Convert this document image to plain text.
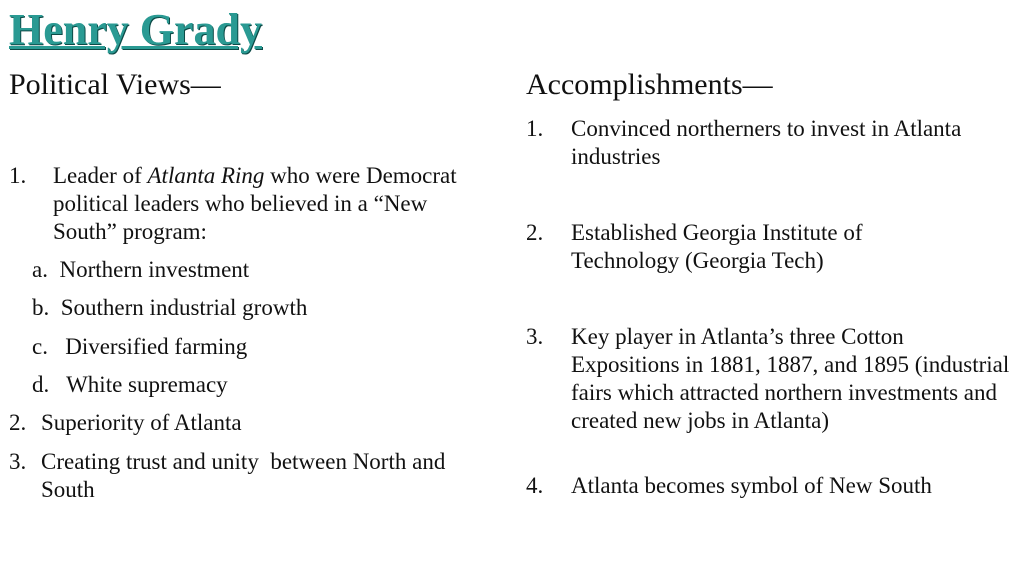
Henry Grady
Political Views—
1.	Leader of Atlanta Ring who were Democrat political leaders who believed in a “New South” program:
a. Northern investment
b. Southern industrial growth
c. Diversified farming
d. White supremacy
2. Superiority of Atlanta
3. Creating trust and unity  between North and South
Accomplishments—
1.	Convinced northerners to invest in Atlanta industries
2.	Established Georgia Institute of Technology (Georgia Tech)
3.	Key player in Atlanta’s three Cotton Expositions in 1881, 1887, and 1895 (industrial fairs which attracted northern investments and created new jobs in Atlanta)
4.	Atlanta becomes symbol of New South
